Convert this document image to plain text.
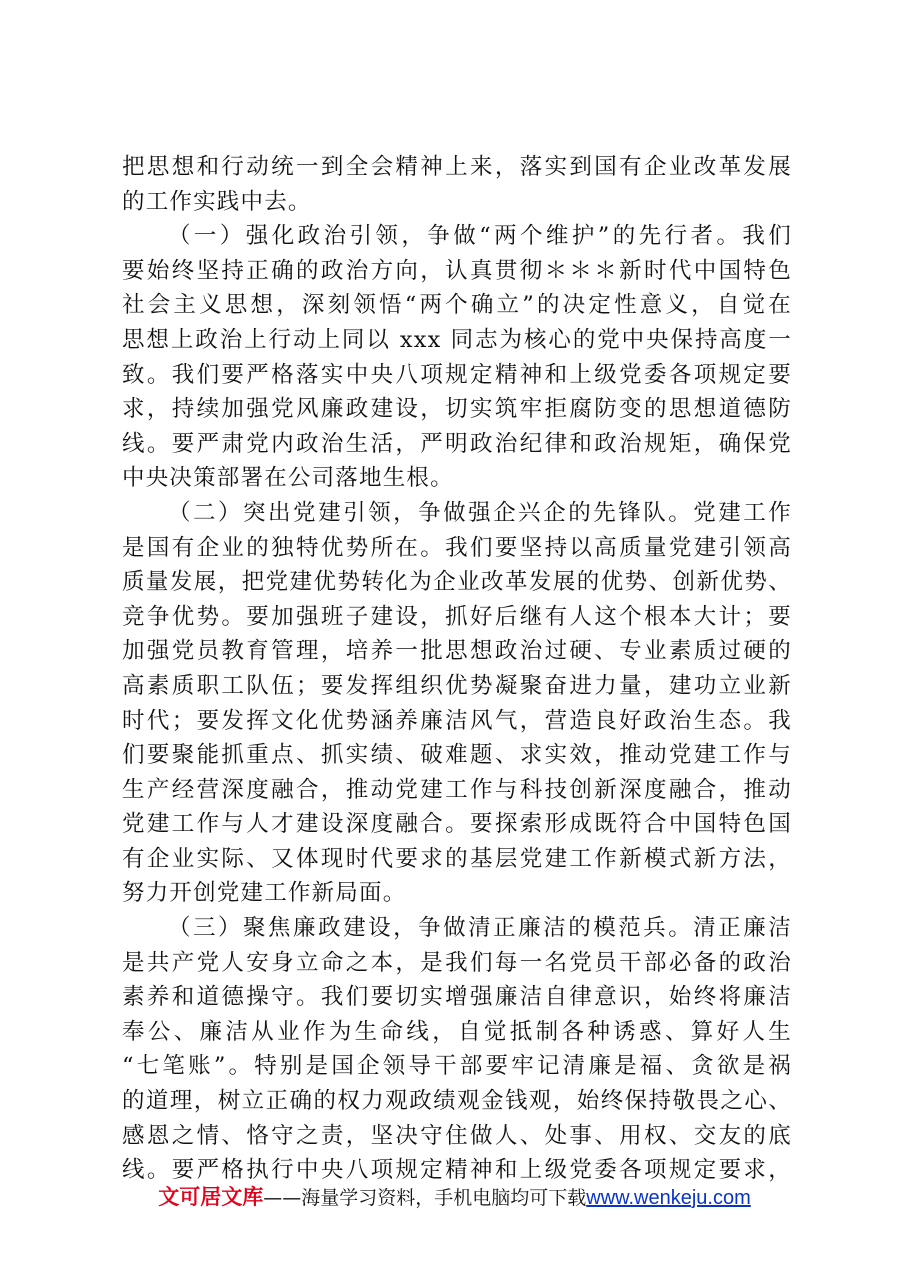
把思想和行动统一到全会精神上来，落实到国有企业改革发展
的工作实践中去。
（一）强化政治引领，争做“两个维护”的先行者。我们
要始终坚持正确的政治方向，认真贯彻＊＊＊新时代中国特色
社会主义思想，深刻领悟“两个确立”的决定性意义，自觉在
思想上政治上行动上同以 xxx 同志为核心的党中央保持高度一
致。我们要严格落实中央八项规定精神和上级党委各项规定要
求，持续加强党风廉政建设，切实筑牢拒腐防变的思想道德防
线。要严肃党内政治生活，严明政治纪律和政治规矩，确保党
中央决策部署在公司落地生根。
（二）突出党建引领，争做强企兴企的先锋队。党建工作
是国有企业的独特优势所在。我们要坚持以高质量党建引领高
质量发展，把党建优势转化为企业改革发展的优势、创新优势、
竞争优势。要加强班子建设，抓好后继有人这个根本大计；要
加强党员教育管理，培养一批思想政治过硬、专业素质过硬的
高素质职工队伍；要发挥组织优势凝聚奋进力量，建功立业新
时代；要发挥文化优势涵养廉洁风气，营造良好政治生态。我
们要聚能抓重点、抓实绩、破难题、求实效，推动党建工作与
生产经营深度融合，推动党建工作与科技创新深度融合，推动
党建工作与人才建设深度融合。要探索形成既符合中国特色国
有企业实际、又体现时代要求的基层党建工作新模式新方法，
努力开创党建工作新局面。
（三）聚焦廉政建设，争做清正廉洁的模范兵。清正廉洁
是共产党人安身立命之本，是我们每一名党员干部必备的政治
素养和道德操守。我们要切实增强廉洁自律意识，始终将廉洁
奉公、廉洁从业作为生命线，自觉抵制各种诱惑、算好人生
“七笔账”。特别是国企领导干部要牢记清廉是福、贪欲是祸
的道理，树立正确的权力观政绩观金钱观，始终保持敬畏之心、
感恩之情、恪守之责，坚决守住做人、处事、用权、交友的底
线。要严格执行中央八项规定精神和上级党委各项规定要求，
文可居文库——海量学习资料，手机电脑均可下载www.wenkeju.com
